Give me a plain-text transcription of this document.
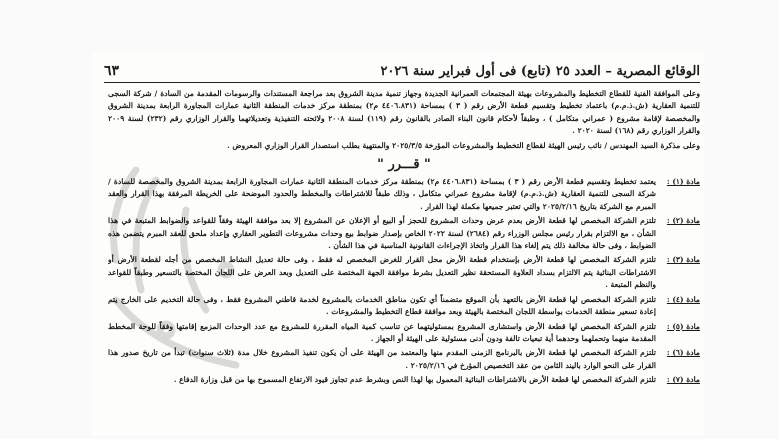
الوقائع المصرية – العدد ٢٥ (تابع) فى أول فبراير سنة ٢٠٢٦
٦٣

وعلى الموافقة الفنية للقطاع التخطيط والمشروعات بهيئة المجتمعات العمرانية الجديدة وجهاز تنمية مدينة الشروق بعد مراجعة المستندات والرسومات المقدمة من السادة / شركة السجى للتنمية العقارية (ش.ذ.م.م) باعتماد تخطيط وتقسيم قطعة الأرض رقم ( ٣ ) بمساحة (٤٤٠٦.٨٣١ م٢) بمنطقة مركز خدمات المنطقة الثانية عمارات المجاورة الرابعة بمدينة الشروق والمخصصة لإقامة مشروع ( عمراني متكامل ) ، وطبقاً لأحكام قانون البناء الصادر بالقانون رقم (١١٩) لسنة ٢٠٠٨ ولائحته التنفيذية وتعديلاتهما والقرار الوزاري رقم (٢٣٢) لسنة ٢٠٠٩ والقرار الوزاري رقم (١٦٨) لسنة ٢٠٢٠ .

وعلى مذكرة السيد المهندس / نائب رئيس الهيئة لقطاع التخطيط والمشروعات المؤرخة ٢٠٢٥/٣/٥ والمنتهية بطلب استصدار القرار الوزاري المعروض .

" قـــرر "
مادة (١) :
يعتمد تخطيط وتقسيم قطعة الأرض رقم ( ٣ ) بمساحة (٤٤٠٦.٨٣١ م٢) بمنطقة مركز خدمات المنطقة الثانية عمارات المجاورة الرابعة بمدينة الشروق والمخصصة للسادة / شركة السجى للتنمية العقارية (ش.ذ.م.م) لإقامة مشروع عمراني متكامل ، وذلك طبقاً للاشتراطات والمخطط والحدود الموضحة على الخريطة المرفقة بهذا القرار والعقد المبرم مع الشركة بتاريخ ٢٠٢٥/٢/١٦ والتي تعتبر جميعها مكملة لهذا القرار .
مادة (٢) :
تلتزم الشركة المخصص لها قطعة الأرض بعدم عرض وحدات المشروع للحجز أو البيع أو الإعلان عن المشروع إلا بعد موافقة الهيئة وفقاً للقواعد والضوابط المتبعة في هذا الشأن ، مع الالتزام بقرار رئيس مجلس الوزراء رقم (٢٦٨٤) لسنة ٢٠٢٢ الخاص بإصدار ضوابط بيع وحدات مشروعات التطوير العقاري وإعداد ملحق للعقد المبرم يتضمن هذه الضوابط ، وفى حالة مخالفة ذلك يتم إلغاء هذا القرار واتخاذ الإجراءات القانونية المناسبة في هذا الشأن .
مادة (٣) :
تلتزم الشركة المخصص لها قطعة الأرض بإستخدام قطعة الأرض محل القرار للغرض المخصص له فقط ، وفى حالة تعديل النشاط المخصص من أجله لقطعة الأرض أو الاشتراطات البنائية يتم الالتزام بسداد العلاوة المستحقة نظير التعديل بشرط موافقة الجهة المختصة على التعديل وبعد العرض على اللجان المختصة بالتسعير وطبقاً للقواعد والنظم المتبعة .
مادة (٤) :
تلتزم الشركة المخصص لها قطعة الأرض بالتعهد بأن الموقع متضمناً أي تكون مناطق الخدمات بالمشروع لخدمة قاطني المشروع فقط ، وفى حالة التخديم على الخارج يتم إعادة تسعير منطقة الخدمات بواسطة اللجان المختصة بالهيئة وبعد موافقة قطاع التخطيط والمشروعات .
مادة (٥) :
تلتزم الشركة المخصص لها قطعة الأرض واستشارى المشروع بمسئوليتهما عن تناسب كمية المياه المقررة للمشروع مع عدد الوحدات المزمع إقامتها وفقاً للوحة المخطط المقدمة منهما وتحملهما وحدهما أية تبعيات تالفة ودون أدنى مسئولية على الهيئة أو الجهاز .
مادة (٦) :
تلتزم الشركة المخصص لها قطعة الأرض بالبرنامج الزمنى المقدم منها والمعتمد من الهيئة على أن يكون تنفيذ المشروع خلال مدة (ثلاث سنوات) تبدأ من تاريخ صدور هذا القرار على النحو الوارد باليند الثامن من عقد التخصيص المؤرخ في ٢٠٢٥/٢/١٦ .
مادة (٧) :
تلتزم الشركة المخصص لها قطعة الأرض بالاشتراطات البنائية المعمول بها لهذا النص وبشرط عدم تجاوز قيود الارتفاع المسموح بها من قبل وزارة الدفاع .
